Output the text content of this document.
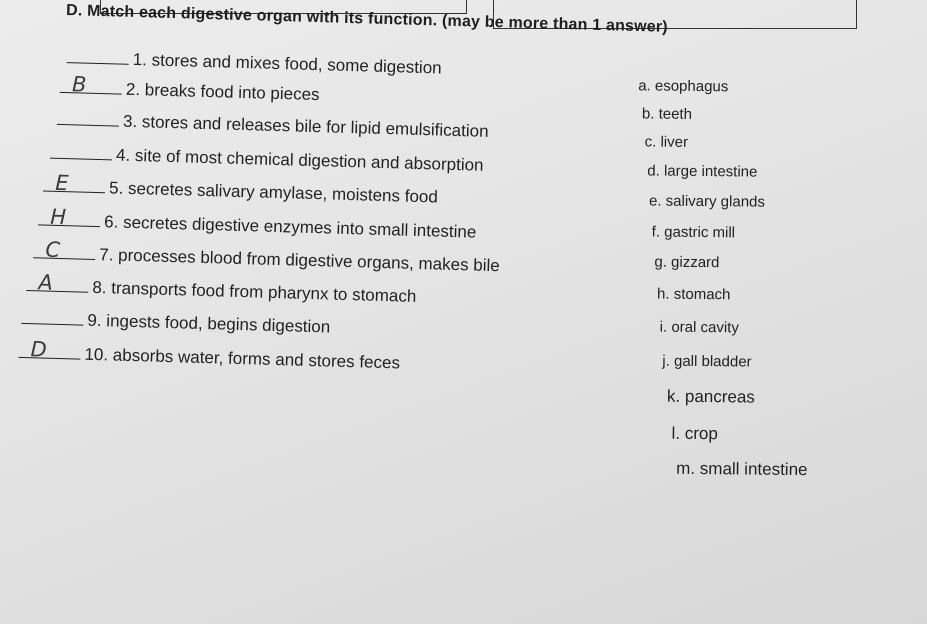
D. Match each digestive organ with its function. (may be more than 1 answer)
1. stores and mixes food, some digestion
B 2. breaks food into pieces
3. stores and releases bile for lipid emulsification
4. site of most chemical digestion and absorption
E 5. secretes salivary amylase, moistens food
H 6. secretes digestive enzymes into small intestine
C 7. processes blood from digestive organs, makes bile
A 8. transports food from pharynx to stomach
9. ingests food, begins digestion
D 10. absorbs water, forms and stores feces
a. esophagus
b. teeth
c. liver
d. large intestine
e. salivary glands
f. gastric mill
g. gizzard
h. stomach
i. oral cavity
j. gall bladder
k. pancreas
l. crop
m. small intestine
